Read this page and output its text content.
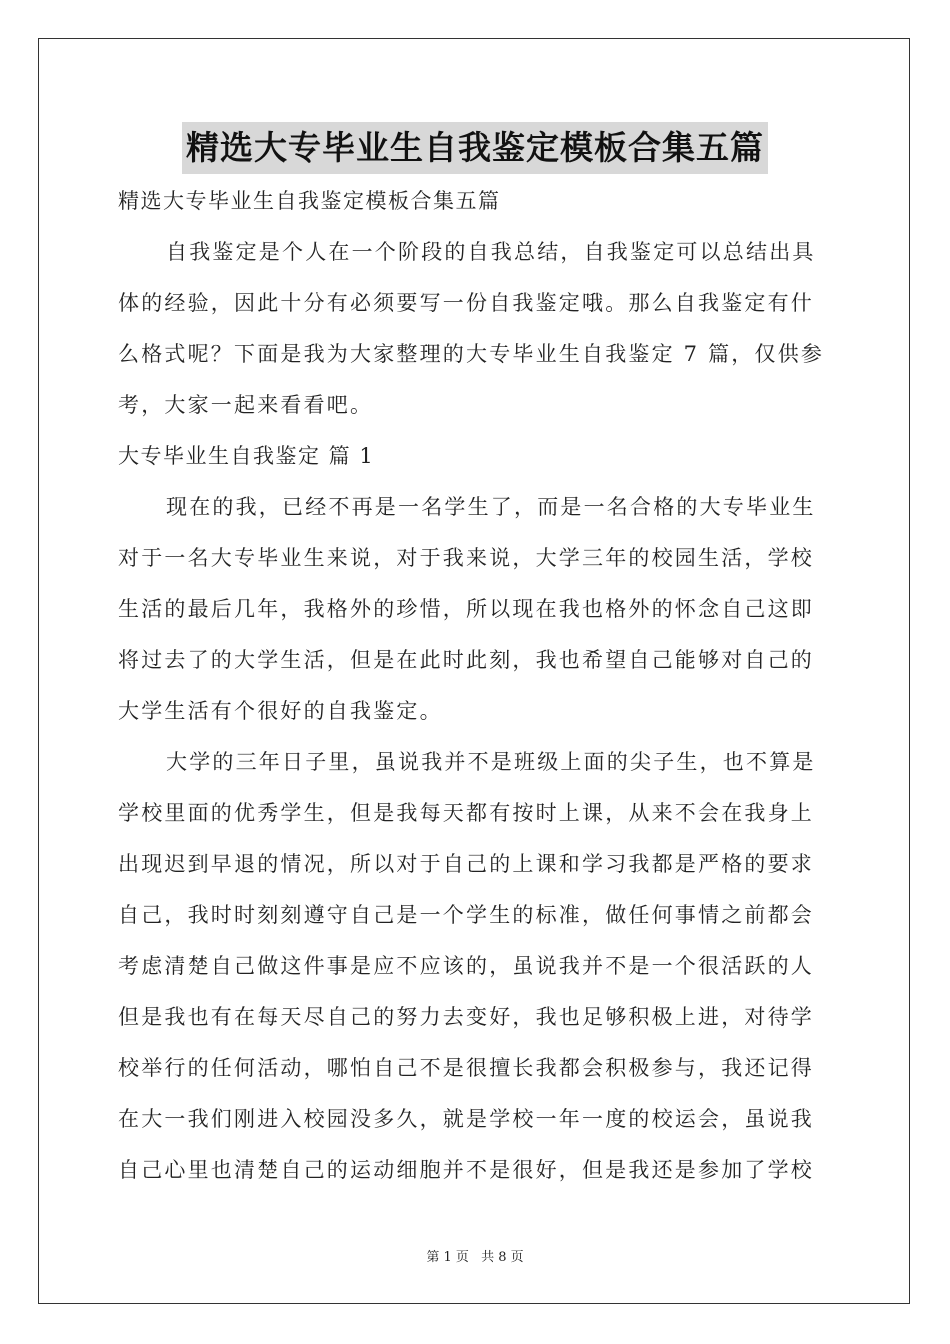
精选大专毕业生自我鉴定模板合集五篇
精选大专毕业生自我鉴定模板合集五篇
自我鉴定是个人在一个阶段的自我总结，自我鉴定可以总结出具
体的经验，因此十分有必须要写一份自我鉴定哦。那么自我鉴定有什
么格式呢？下面是我为大家整理的大专毕业生自我鉴定 7 篇，仅供参
考，大家一起来看看吧。
大专毕业生自我鉴定 篇 1
现在的我，已经不再是一名学生了，而是一名合格的大专毕业生
对于一名大专毕业生来说，对于我来说，大学三年的校园生活，学校
生活的最后几年，我格外的珍惜，所以现在我也格外的怀念自己这即
将过去了的大学生活，但是在此时此刻，我也希望自己能够对自己的
大学生活有个很好的自我鉴定。
大学的三年日子里，虽说我并不是班级上面的尖子生，也不算是
学校里面的优秀学生，但是我每天都有按时上课，从来不会在我身上
出现迟到早退的情况，所以对于自己的上课和学习我都是严格的要求
自己，我时时刻刻遵守自己是一个学生的标准，做任何事情之前都会
考虑清楚自己做这件事是应不应该的，虽说我并不是一个很活跃的人
但是我也有在每天尽自己的努力去变好，我也足够积极上进，对待学
校举行的任何活动，哪怕自己不是很擅长我都会积极参与，我还记得
在大一我们刚进入校园没多久，就是学校一年一度的校运会，虽说我
自己心里也清楚自己的运动细胞并不是很好，但是我还是参加了学校
第 1 页 共 8 页
